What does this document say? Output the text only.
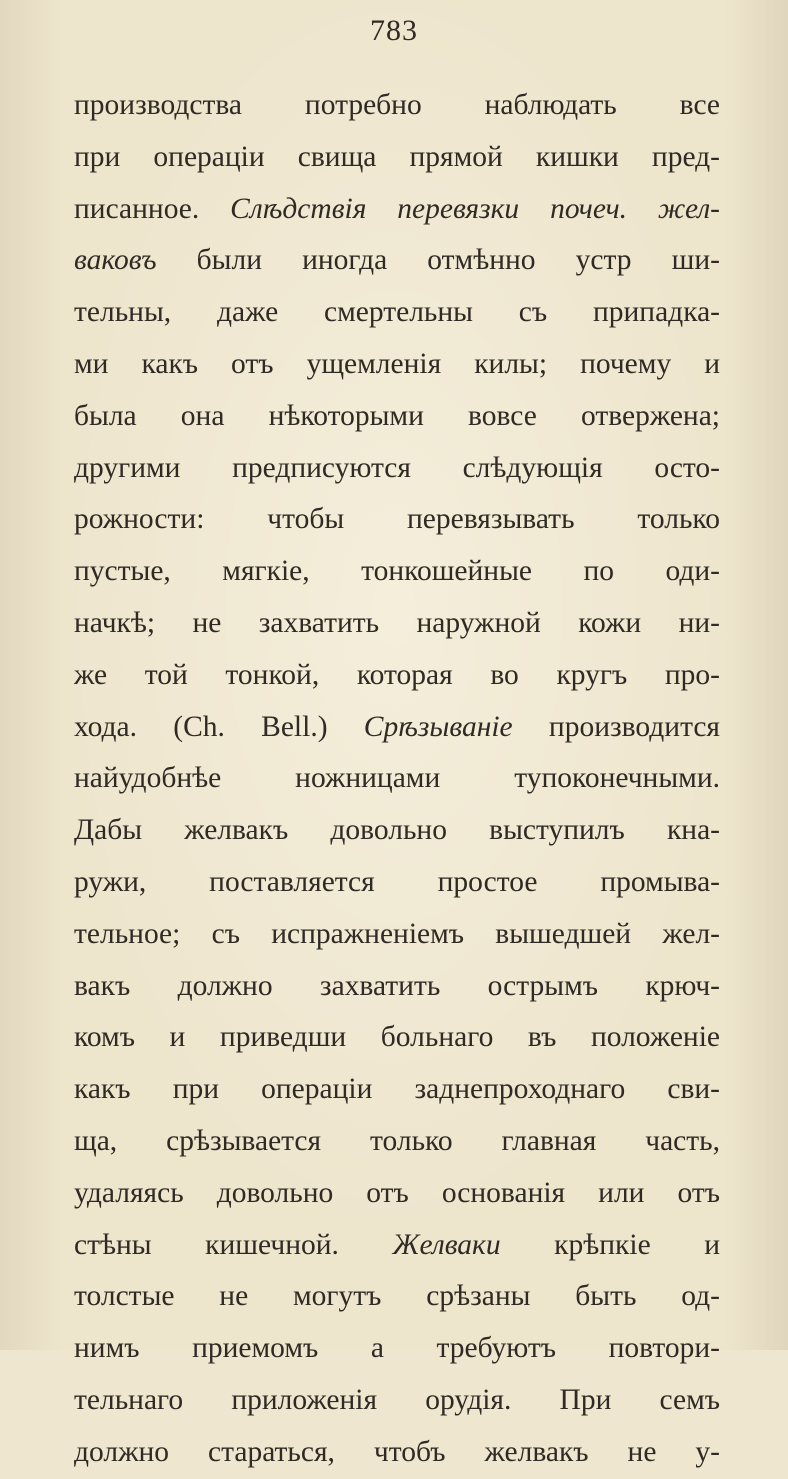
783
производства потребно наблюдать все
при операціи свища прямой кишки пред-
писанное. Слѣдствія перевязки почеч. жел-
ваковъ были иногда отмѣнно устр ши-
тельны, даже смертельны съ припадка-
ми какъ отъ ущемленія килы; почему и
была она нѣкоторыми вовсе отвержена;
другими предписуются слѣдующія осто-
рожности: чтобы перевязывать только
пустые, мягкіе, тонкошейные по оди-
начкѣ; не захватить наружной кожи ни-
же той тонкой, которая во кругъ про-
хода. (Ch. Bell.) Срѣзываніе производится
найудобнѣе ножницами тупоконечными.
Дабы желвакъ довольно выступилъ кна-
ружи, поставляется простое промыва-
тельное; съ испражненіемъ вышедшей жел-
вакъ должно захватить острымъ крюч-
комъ и приведши больнаго въ положеніе
какъ при операціи заднепроходнаго сви-
ща, срѣзывается только главная часть,
удаляясь довольно отъ основанія или отъ
стѣны кишечной. Желваки крѣпкіе и
толстые не могутъ срѣзаны быть од-
нимъ приемомъ а требуютъ повтори-
тельнаго приложенія орудія. При семъ
должно стараться, чтобъ желвакъ не у-
